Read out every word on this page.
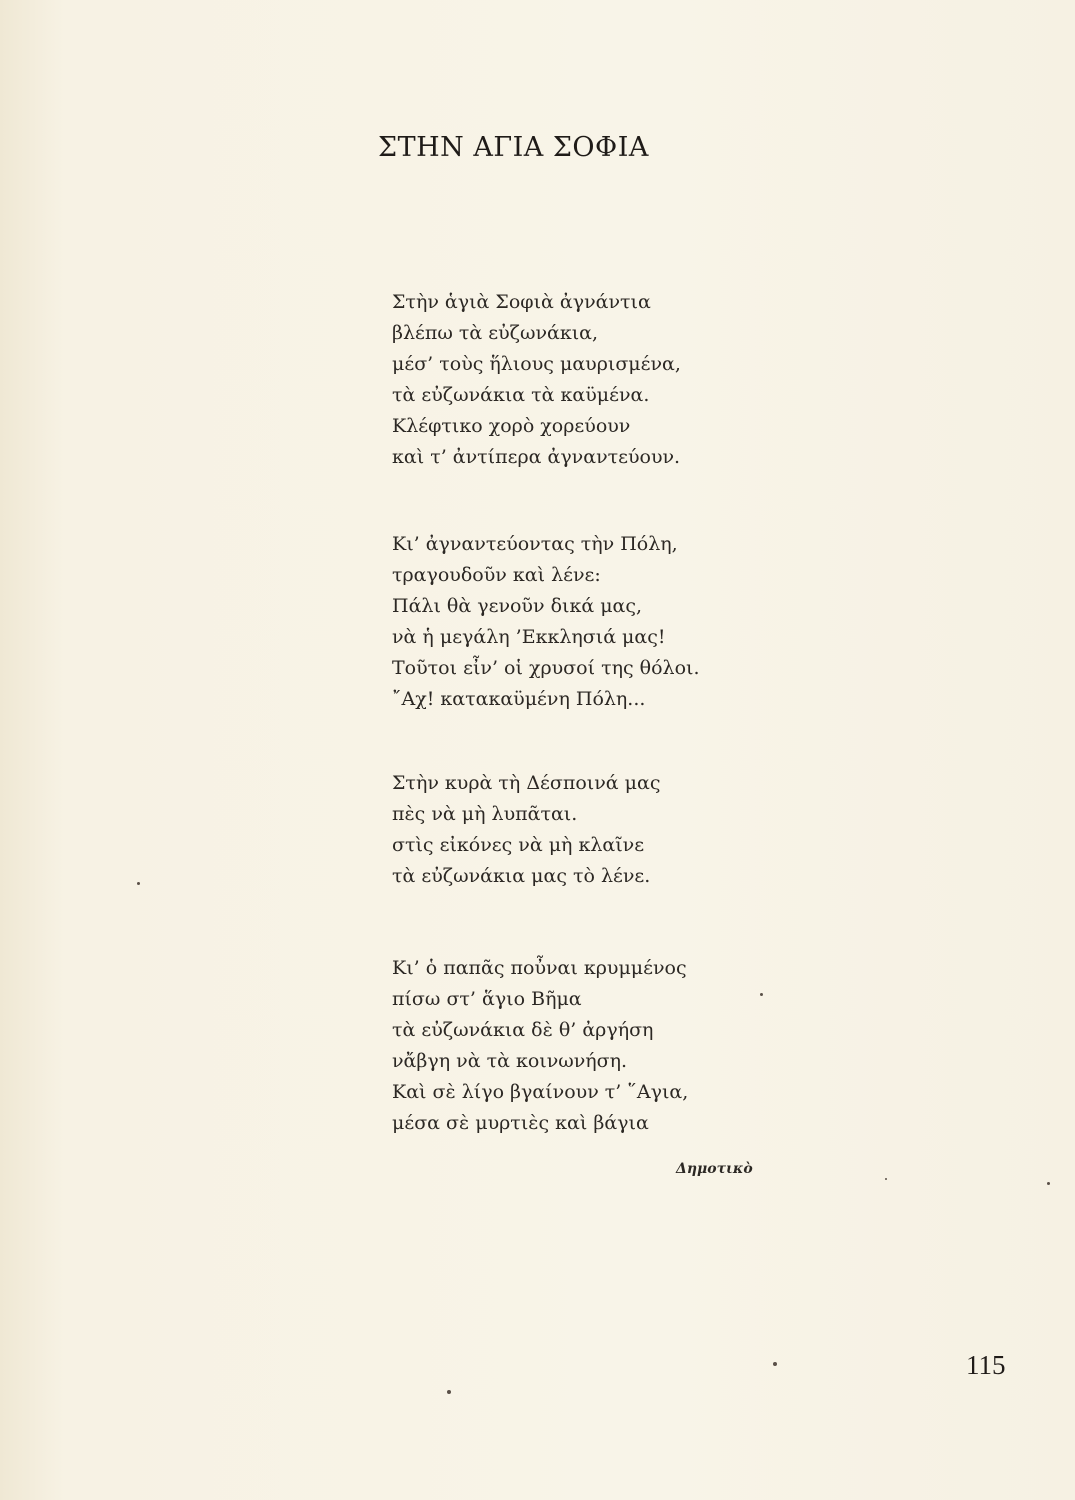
ΣΤΗΝ ΑΓΙΑ ΣΟΦΙΑ
Στὴν ἁγιὰ Σοφιὰ ἀγνάντια
βλέπω τὰ εὐζωνάκια,
μέσ’ τοὺς ἥλιους μαυρισμένα,
τὰ εὐζωνάκια τὰ καϋμένα.
Κλέφτικο χορὸ χορεύουν
καὶ τ’ ἀντίπερα ἀγναντεύουν.
Κι’ ἀγναντεύοντας τὴν Πόλη,
τραγουδοῦν καὶ λένε:
Πάλι θὰ γενοῦν δικά μας,
νὰ ἡ μεγάλη ’Εκκλησιά μας!
Τοῦτοι εἶν’ οἱ χρυσοί της θόλοι.
῎Αχ! κατακαϋμένη Πόλη...
Στὴν κυρὰ τὴ Δέσποινά μας
πὲς νὰ μὴ λυπᾶται.
στὶς εἰκόνες νὰ μὴ κλαῖνε
τὰ εὐζωνάκια μας τὸ λένε.
Κι’ ὁ παπᾶς ποὖναι κρυμμένος
πίσω στ’ ἅγιο Βῆμα
τὰ εὐζωνάκια δὲ θ’ ἀργήση
νἄβγη νὰ τὰ κοινωνήση.
Καὶ σὲ λίγο βγαίνουν τ’ ῞Αγια,
μέσα σὲ μυρτιὲς καὶ βάγια
Δημοτικὸ
115
